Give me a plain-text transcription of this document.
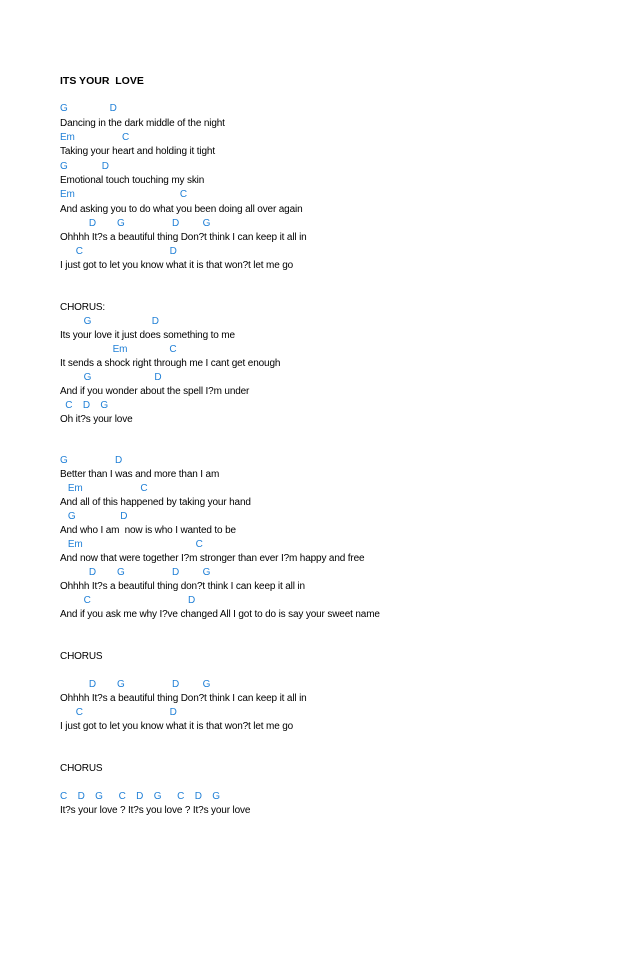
ITS YOUR  LOVE
G                D
Dancing in the dark middle of the night
Em                  C
Taking your heart and holding it tight
G             D
Emotional touch touching my skin
Em                                        C
And asking you to do what you been doing all over again
D        G                  D         G
Ohhhh It?s a beautiful thing Don?t think I can keep it all in
C                                 D
I just got to let you know what it is that won?t let me go
CHORUS:
G                       D
Its your love it just does something to me
Em                C
It sends a shock right through me I cant get enough
G                        D
And if you wonder about the spell I?m under
C    D    G
Oh it?s your love
G                  D
Better than I was and more than I am
Em                      C
And all of this happened by taking your hand
G                 D
And who I am  now is who I wanted to be
Em                                           C
And now that were together I?m stronger than ever I?m happy and free
D        G                  D         G
Ohhhh It?s a beautiful thing don?t think I can keep it all in
C                                     D
And if you ask me why I?ve changed All I got to do is say your sweet name
CHORUS
D        G                  D         G
Ohhhh It?s a beautiful thing Don?t think I can keep it all in
C                                 D
I just got to let you know what it is that won?t let me go
CHORUS
C    D    G      C    D    G      C    D    G
It?s your love ? It?s you love ? It?s your love
